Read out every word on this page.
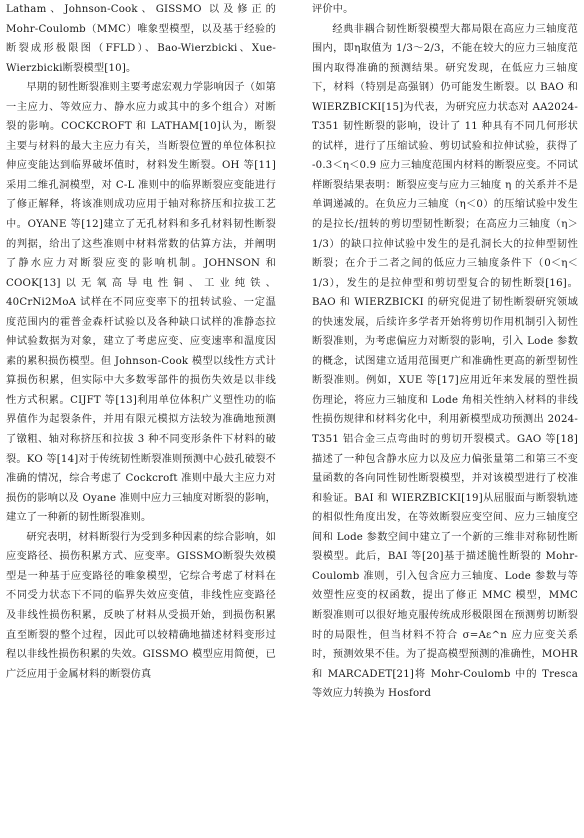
Latham、Johnson-Cook、GISSMO 以及修正的 Mohr-Coulomb（MMC）唯象型模型，以及基于经验的断裂成形极限图（FFLD）、Bao-Wierzbicki、Xue-Wierzbicki断裂模型[10]。

早期的韧性断裂准则主要考虑宏观力学影响因子（如第一主应力、等效应力、静水应力或其中的多个组合）对断裂的影响。COCKCROFT 和 LATHAM[10]认为，断裂主要与材料的最大主应力有关，当断裂位置的单位体积拉伸应变能达到临界破坏值时，材料发生断裂。OH 等[11]采用二维孔洞模型，对 C-L 准则中的临界断裂应变能进行了修正解释，将该准则成功应用于轴对称挤压和拉拔工艺中。OYANE 等[12]建立了无孔材料和多孔材料韧性断裂的判据，给出了这些准则中材料常数的估算方法，并阐明了静水应力对断裂应变的影响机制。JOHNSON 和 COOK[13]以无氧高导电性铜、工业纯铁、40CrNi2MoA 试样在不同应变率下的扭转试验、一定温度范围内的霍普金森杆试验以及各种缺口试样的准静态拉伸试验数据为对象，建立了考虑应变、应变速率和温度因素的累积损伤模型。但 Johnson-Cook 模型以线性方式计算损伤积累，但实际中大多数零部件的损伤失效是以非线性方式积累。CIJFT 等[13]利用单位体积广义塑性功的临界值作为起裂条件，并用有限元模拟方法较为准确地预测了镦粗、轴对称挤压和拉拔 3 种不同变形条件下材料的破裂。KO 等[14]对于传统韧性断裂准则预测中心鼓孔破裂不准确的情况，综合考虑了 Cockcroft 准则中最大主应力对损伤的影响以及 Oyane 准则中应力三轴度对断裂的影响，建立了一种新的韧性断裂准则。

研究表明，材料断裂行为受到多种因素的综合影响，如应变路径、损伤积累方式、应变率。GISSMO断裂失效模型是一种基于应变路径的唯象模型，它综合考虑了材料在不同受力状态下不同的临界失效应变值，非线性应变路径及非线性损伤积累，反映了材料从受损开始，到损伤积累直至断裂的整个过程，因此可以较精确地描述材料变形过程以非线性损伤积累的失效。GISSMO 模型应用简便，已广泛应用于金属材料的断裂仿真

评价中。

经典非耦合韧性断裂模型大都局限在高应力三轴度范围内，即η取值为 1/3～2/3，不能在较大的应力三轴度范围内取得准确的预测结果。研究发现，在低应力三轴度下，材料（特别是高强钢）仍可能发生断裂。以 BAO 和 WIERZBICKI[15]为代表，为研究应力状态对 AA2024-T351 韧性断裂的影响，设计了 11 种具有不同几何形状的试样，进行了压缩试验、剪切试验和拉伸试验，获得了 -0.3＜η＜0.9 应力三轴度范围内材料的断裂应变。不同试样断裂结果表明：断裂应变与应力三轴度 η 的关系并不是单调递减的。在负应力三轴度（η＜0）的压缩试验中发生的是拉长/扭转的剪切型韧性断裂；在高应力三轴度（η＞1/3）的缺口拉伸试验中发生的是孔洞长大的拉伸型韧性断裂；在介于二者之间的低应力三轴度条件下（0＜η＜1/3），发生的是拉伸型和剪切型复合的韧性断裂[16]。BAO 和 WIERZBICKI 的研究促进了韧性断裂研究领域的快速发展，后续许多学者开始将剪切作用机制引入韧性断裂准则，为考虑偏应力对断裂的影响，引入 Lode 参数的概念，试图建立适用范围更广和准确性更高的新型韧性断裂准则。例如，XUE 等[17]应用近年来发展的塑性损伤理论，将应力三轴度和 Lode 角相关性纳入材料的非线性损伤规律和材料劣化中，利用新模型成功预测出 2024-T351 铝合金三点弯曲时的剪切开裂模式。GAO 等[18]描述了一种包含静水应力以及应力偏张量第二和第三不变量函数的各向同性韧性断裂模型，并对该模型进行了校准和验证。BAI 和 WIERZBICKI[19]从屈服面与断裂轨迹的相似性角度出发，在等效断裂应变空间、应力三轴度空间和 Lode 参数空间中建立了一个新的三维非对称韧性断裂模型。此后，BAI 等[20]基于描述脆性断裂的 Mohr-Coulomb 准则，引入包含应力三轴度、Lode 参数与等效塑性应变的权函数，提出了修正 MMC 模型，MMC 断裂准则可以很好地克服传统成形极限图在预测剪切断裂时的局限性，但当材料不符合 σ=Aε^n 应力应变关系时，预测效果不佳。为了提高模型预测的准确性，MOHR 和 MARCADET[21]将 Mohr-Coulomb 中的 Tresca 等效应力转换为 Hosford
